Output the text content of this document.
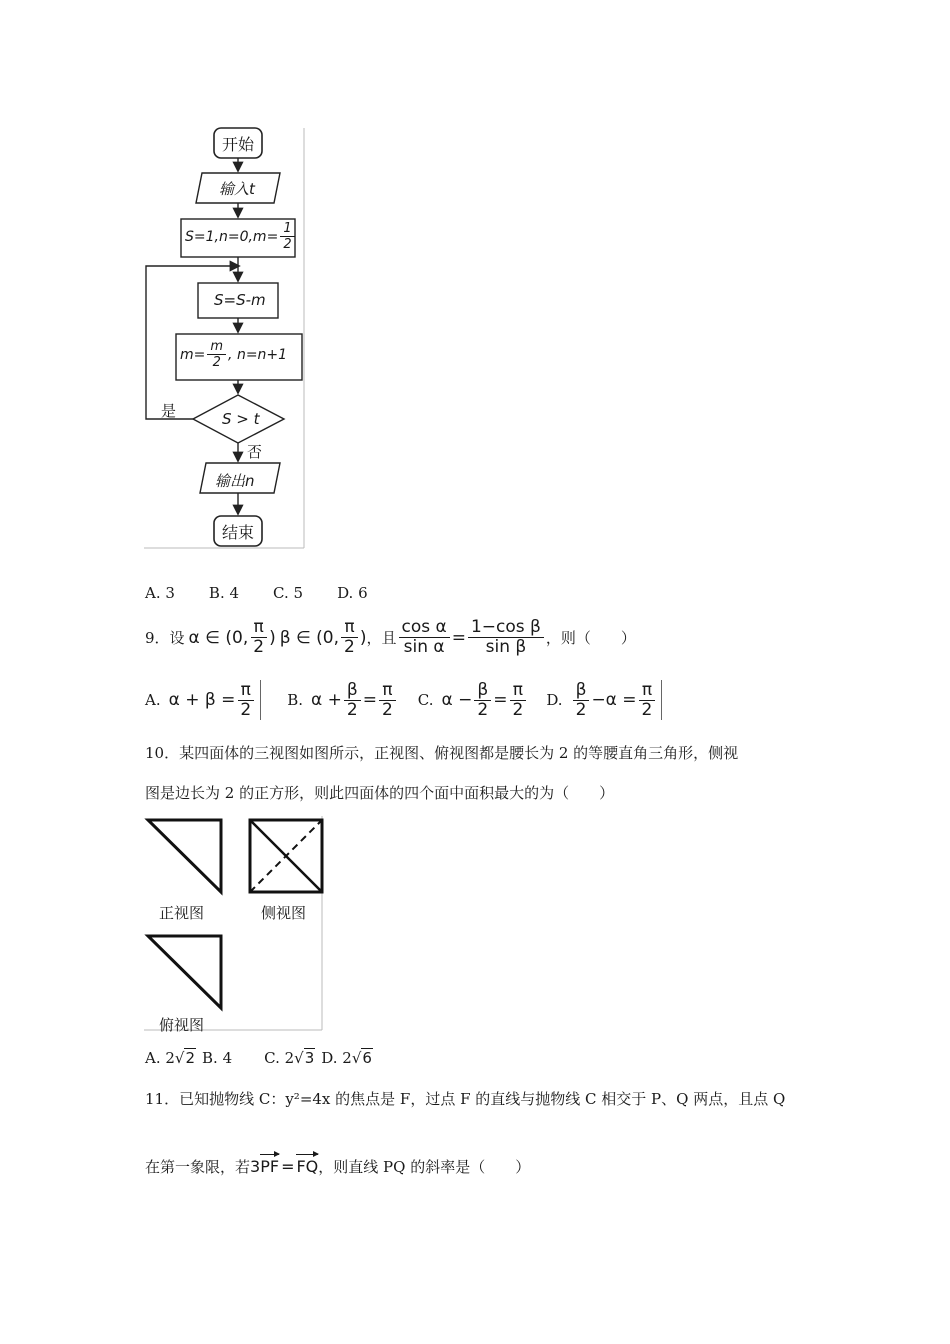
开始
输入t
$S=1,n=0,m= \frac{1}{2}$
S=S-m
$m= \frac{m}{2}$ , n=n+1
S > t
是
否
输出n
结束
A. 3 B. 4 C. 5 D. 6
9．设 α ∈ (0, $\frac{\pi}{2}$ ) β ∈ (0, $\frac{\pi}{2}$ ) ，且 $\frac{\text{cos α}}{\text{sin α}} = \frac{\text{1−cos β}}{\text{sin β}}$ ，则（　　）
A. $\alpha + \beta = \frac{\pi}{2} B$. $\alpha + \frac{\beta}{2} = \frac{\pi}{2} C$. $\alpha - \frac{\beta}{2} = \frac{\pi}{2} D$. $\frac{\beta}{2} -\alpha = \frac{\pi}{2}$
10．某四面体的三视图如图所示，正视图、俯视图都是腰长为 2 的等腰直角三角形，侧视
图是边长为 2 的正方形，则此四面体的四个面中面积最大的为（　　）
正视图	侧视图
俯视图
A. 2 √ 2 B. 4 C. 2 √ 3 D. 2 √ 6
11．已知抛物线 C：y²=4x 的焦点是 F，过点 F 的直线与抛物线 C 相交于 P、Q 两点，且点 Q
在第一象限，若 3 PF = FQ ，则直线 PQ 的斜率是（　　）
